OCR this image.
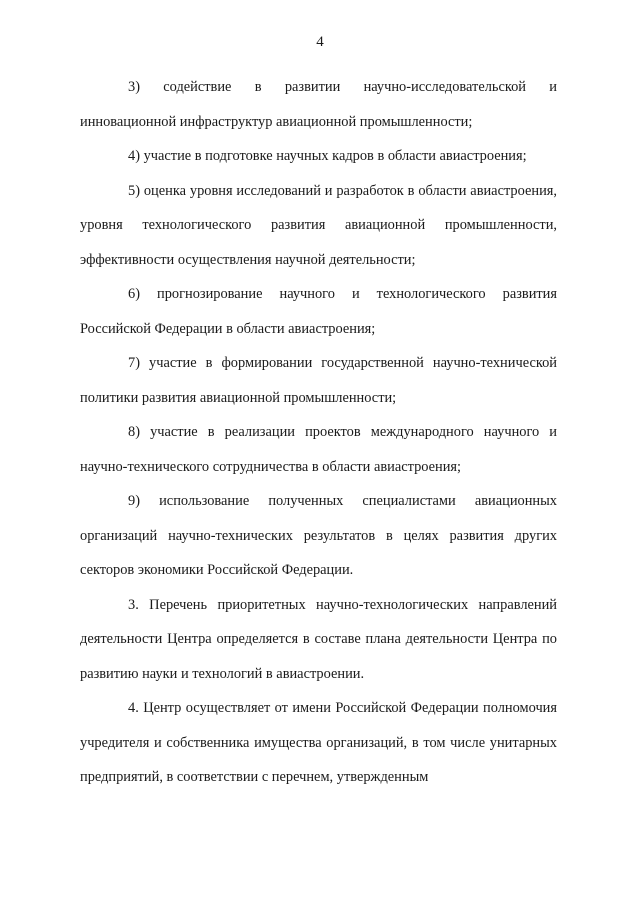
4

3) содействие в развитии научно-исследовательской и инновационной инфраструктур авиационной промышленности;

4) участие в подготовке научных кадров в области авиастроения;

5) оценка уровня исследований и разработок в области авиастроения, уровня технологического развития авиационной промышленности, эффективности осуществления научной деятельности;

6) прогнозирование научного и технологического развития Российской Федерации в области авиастроения;

7) участие в формировании государственной научно-технической политики развития авиационной промышленности;

8) участие в реализации проектов международного научного и научно-технического сотрудничества в области авиастроения;

9) использование полученных специалистами авиационных организаций научно-технических результатов в целях развития других секторов экономики Российской Федерации.

3. Перечень приоритетных научно-технологических направлений деятельности Центра определяется в составе плана деятельности Центра по развитию науки и технологий в авиастроении.

4. Центр осуществляет от имени Российской Федерации полномочия учредителя и собственника имущества организаций, в том числе унитарных предприятий, в соответствии с перечнем, утвержденным
